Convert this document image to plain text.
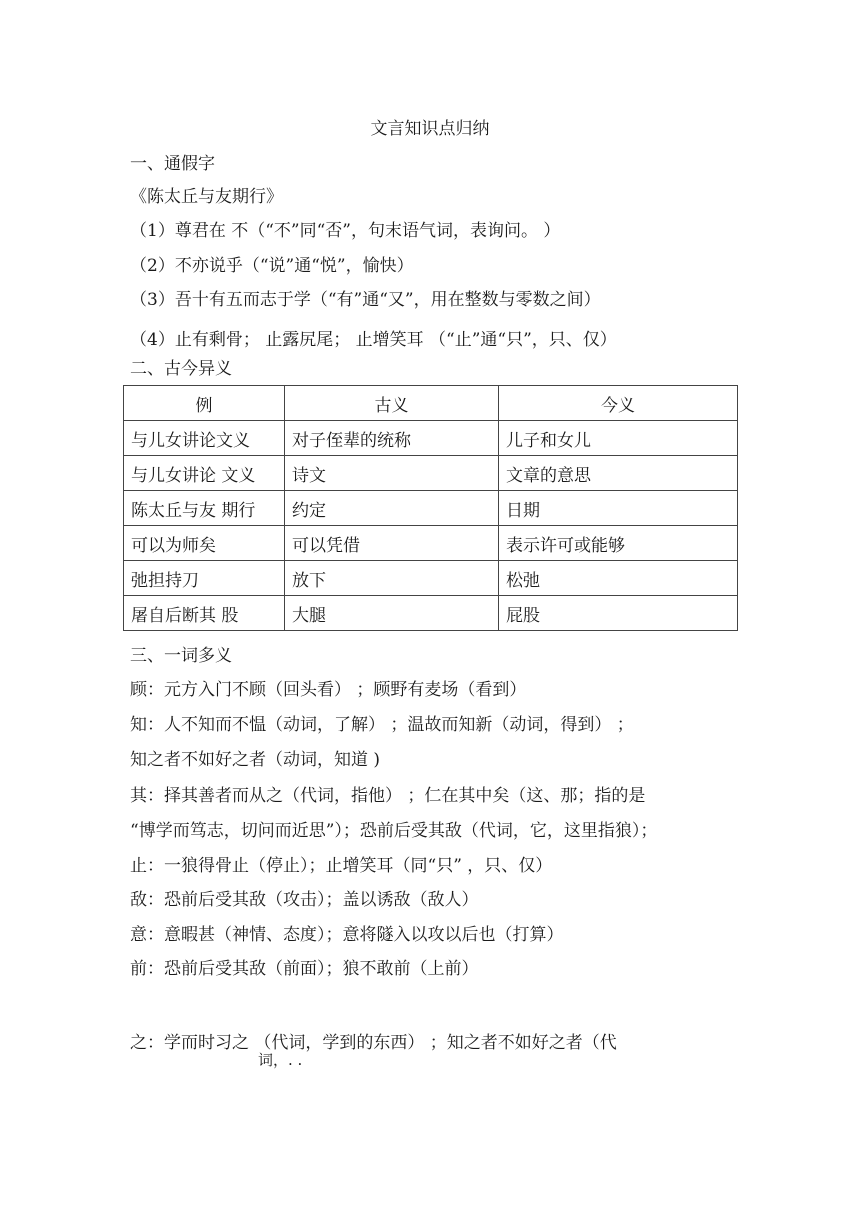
文言知识点归纳
一、通假字
《陈太丘与友期行》
（1）尊君在 不（“不”同“否”，句末语气词，表询问。 ）
（2）不亦说乎（“说”通“悦”，愉快）
（3）吾十有五而志于学（“有”通“又”，用在整数与零数之间）
（4）止有剩骨； 止露尻尾； 止增笑耳 （“止”通“只”，只、仅）
二、古今异义
例	古义	今义
与儿女讲论文义	对子侄辈的统称	儿子和女儿
与儿女讲论 文义	诗文	文章的意思
陈太丘与友 期行	约定	日期
可以为师矣	可以凭借	表示许可或能够
弛担持刀	放下	松弛
屠自后断其 股	大腿	屁股
三、一词多义
顾：元方入门不顾（回头看） ；顾野有麦场（看到）
知：人不知而不愠（动词，了解） ；温故而知新（动词，得到） ；
知之者不如好之者（动词，知道 )
其：择其善者而从之（代词，指他） ；仁在其中矣（这、那；指的是
“博学而笃志，切问而近思”）；恐前后受其敌（代词，它，这里指狼）；
止：一狼得骨止（停止）；止增笑耳（同“只” ，只、仅）
敌：恐前后受其敌（攻击）；盖以诱敌（敌人）
意：意暇甚（神情、态度）；意将隧入以攻以后也（打算）
前：恐前后受其敌（前面）；狼不敢前（上前）
之：学而时习之 （代词，学到的东西） ；知之者不如好之者（代
词，. .
